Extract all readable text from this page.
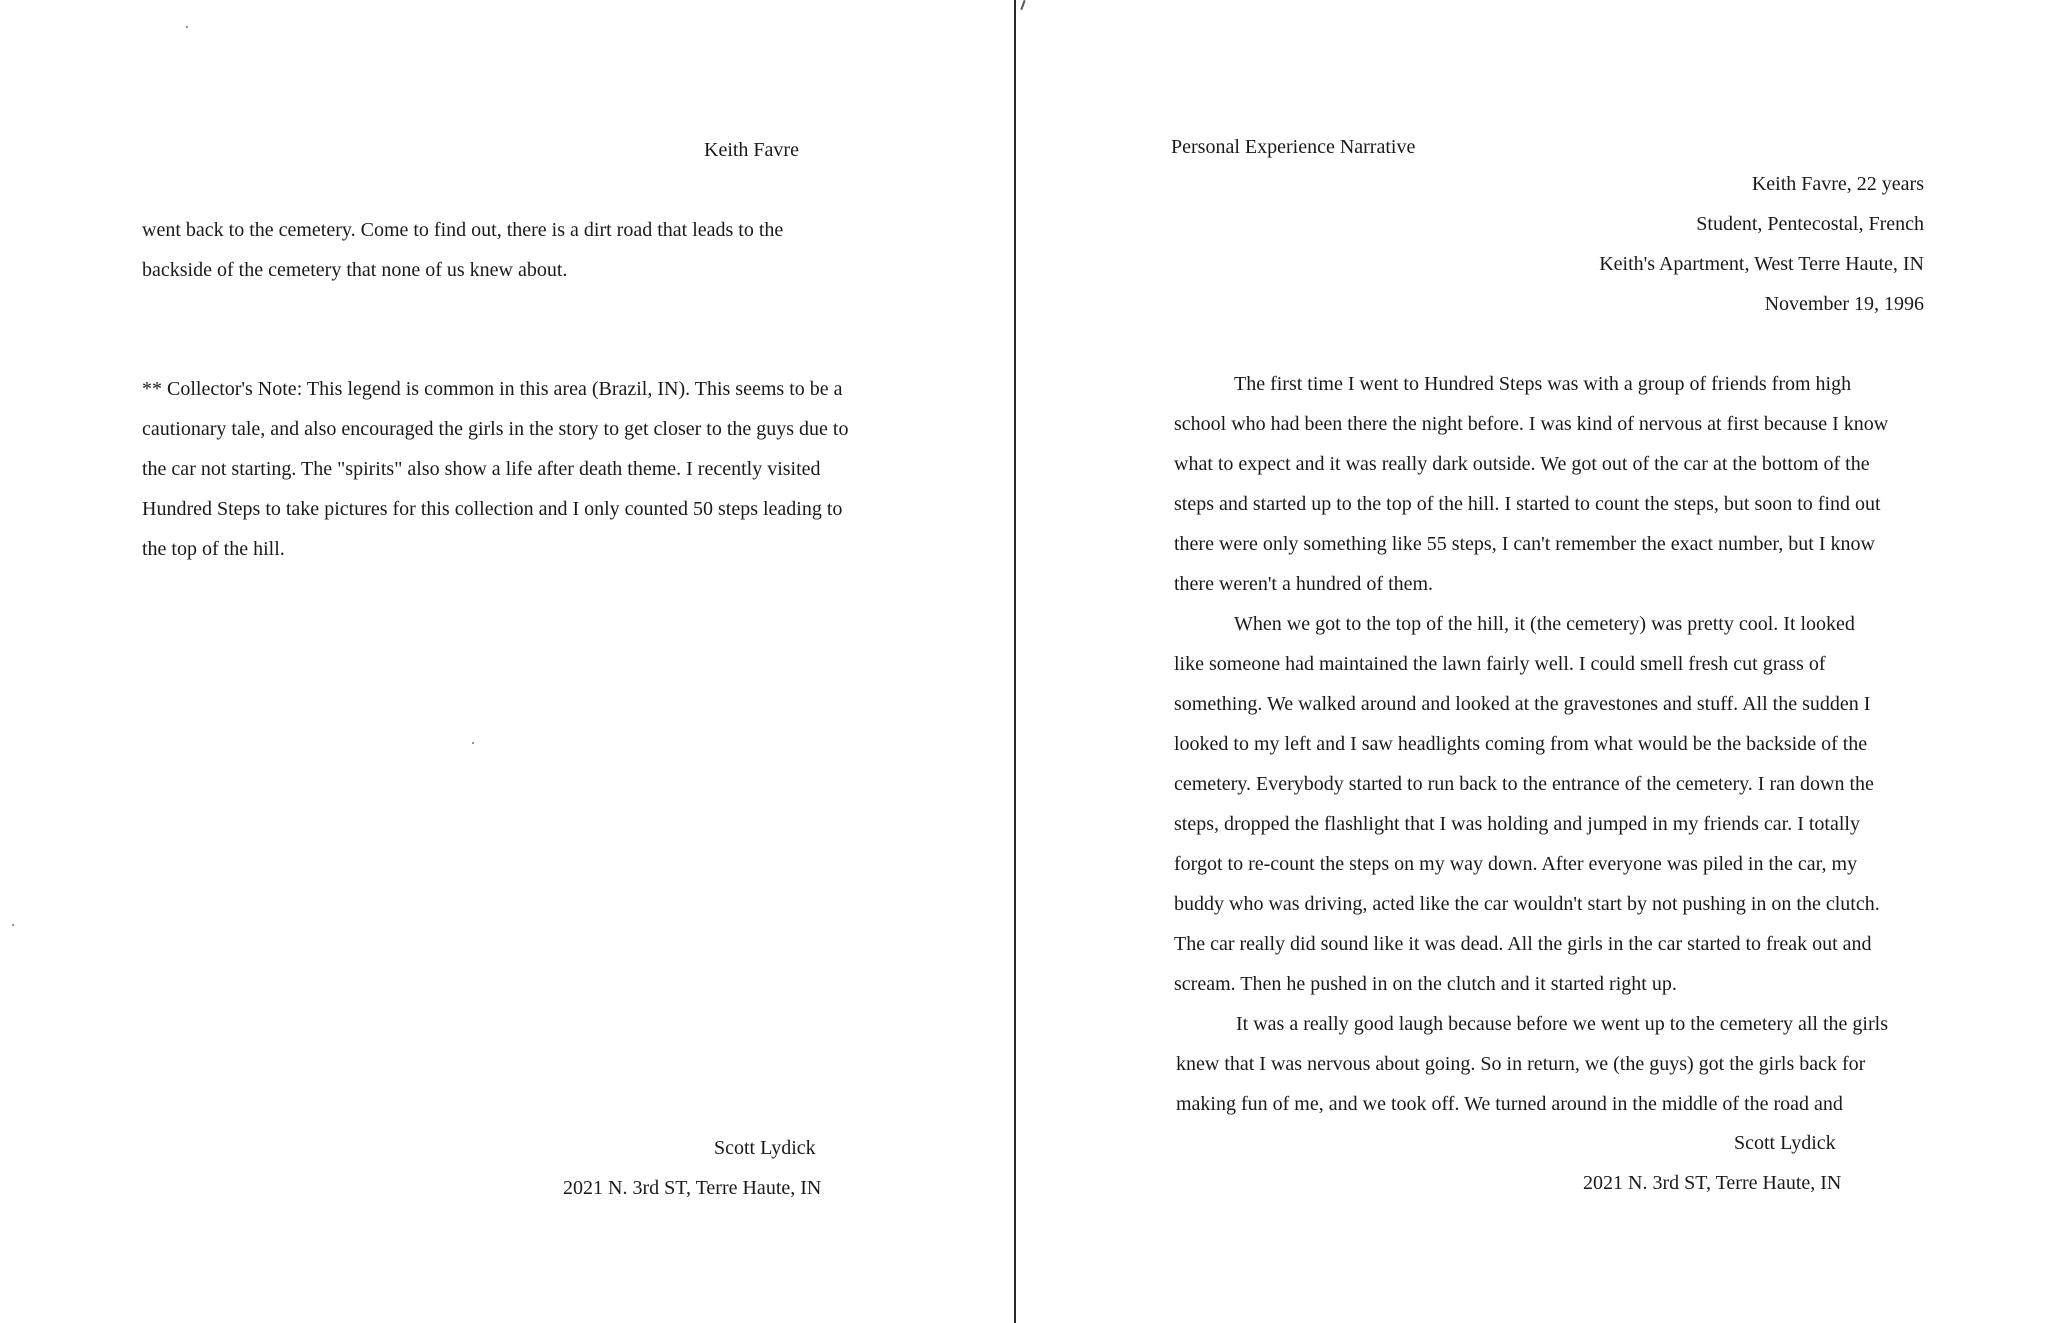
Keith Favre
went back to the cemetery. Come to find out, there is a dirt road that leads to the
backside of the cemetery that none of us knew about.
** Collector's Note: This legend is common in this area (Brazil, IN). This seems to be a
cautionary tale, and also encouraged the girls in the story to get closer to the guys due to
the car not starting. The "spirits" also show a life after death theme. I recently visited
Hundred Steps to take pictures for this collection and I only counted 50 steps leading to
the top of the hill.
Scott Lydick
2021 N. 3rd ST, Terre Haute, IN
Personal Experience Narrative
Keith Favre, 22 years
Student, Pentecostal, French
Keith's Apartment, West Terre Haute, IN
November 19, 1996
The first time I went to Hundred Steps was with a group of friends from high
school who had been there the night before. I was kind of nervous at first because I know
what to expect and it was really dark outside. We got out of the car at the bottom of the
steps and started up to the top of the hill. I started to count the steps, but soon to find out
there were only something like 55 steps, I can't remember the exact number, but I know
there weren't a hundred of them.
When we got to the top of the hill, it (the cemetery) was pretty cool. It looked
like someone had maintained the lawn fairly well. I could smell fresh cut grass of
something. We walked around and looked at the gravestones and stuff. All the sudden I
looked to my left and I saw headlights coming from what would be the backside of the
cemetery. Everybody started to run back to the entrance of the cemetery. I ran down the
steps, dropped the flashlight that I was holding and jumped in my friends car. I totally
forgot to re-count the steps on my way down. After everyone was piled in the car, my
buddy who was driving, acted like the car wouldn't start by not pushing in on the clutch.
The car really did sound like it was dead. All the girls in the car started to freak out and
scream. Then he pushed in on the clutch and it started right up.
It was a really good laugh because before we went up to the cemetery all the girls
knew that I was nervous about going. So in return, we (the guys) got the girls back for
making fun of me, and we took off. We turned around in the middle of the road and
Scott Lydick
2021 N. 3rd ST, Terre Haute, IN
